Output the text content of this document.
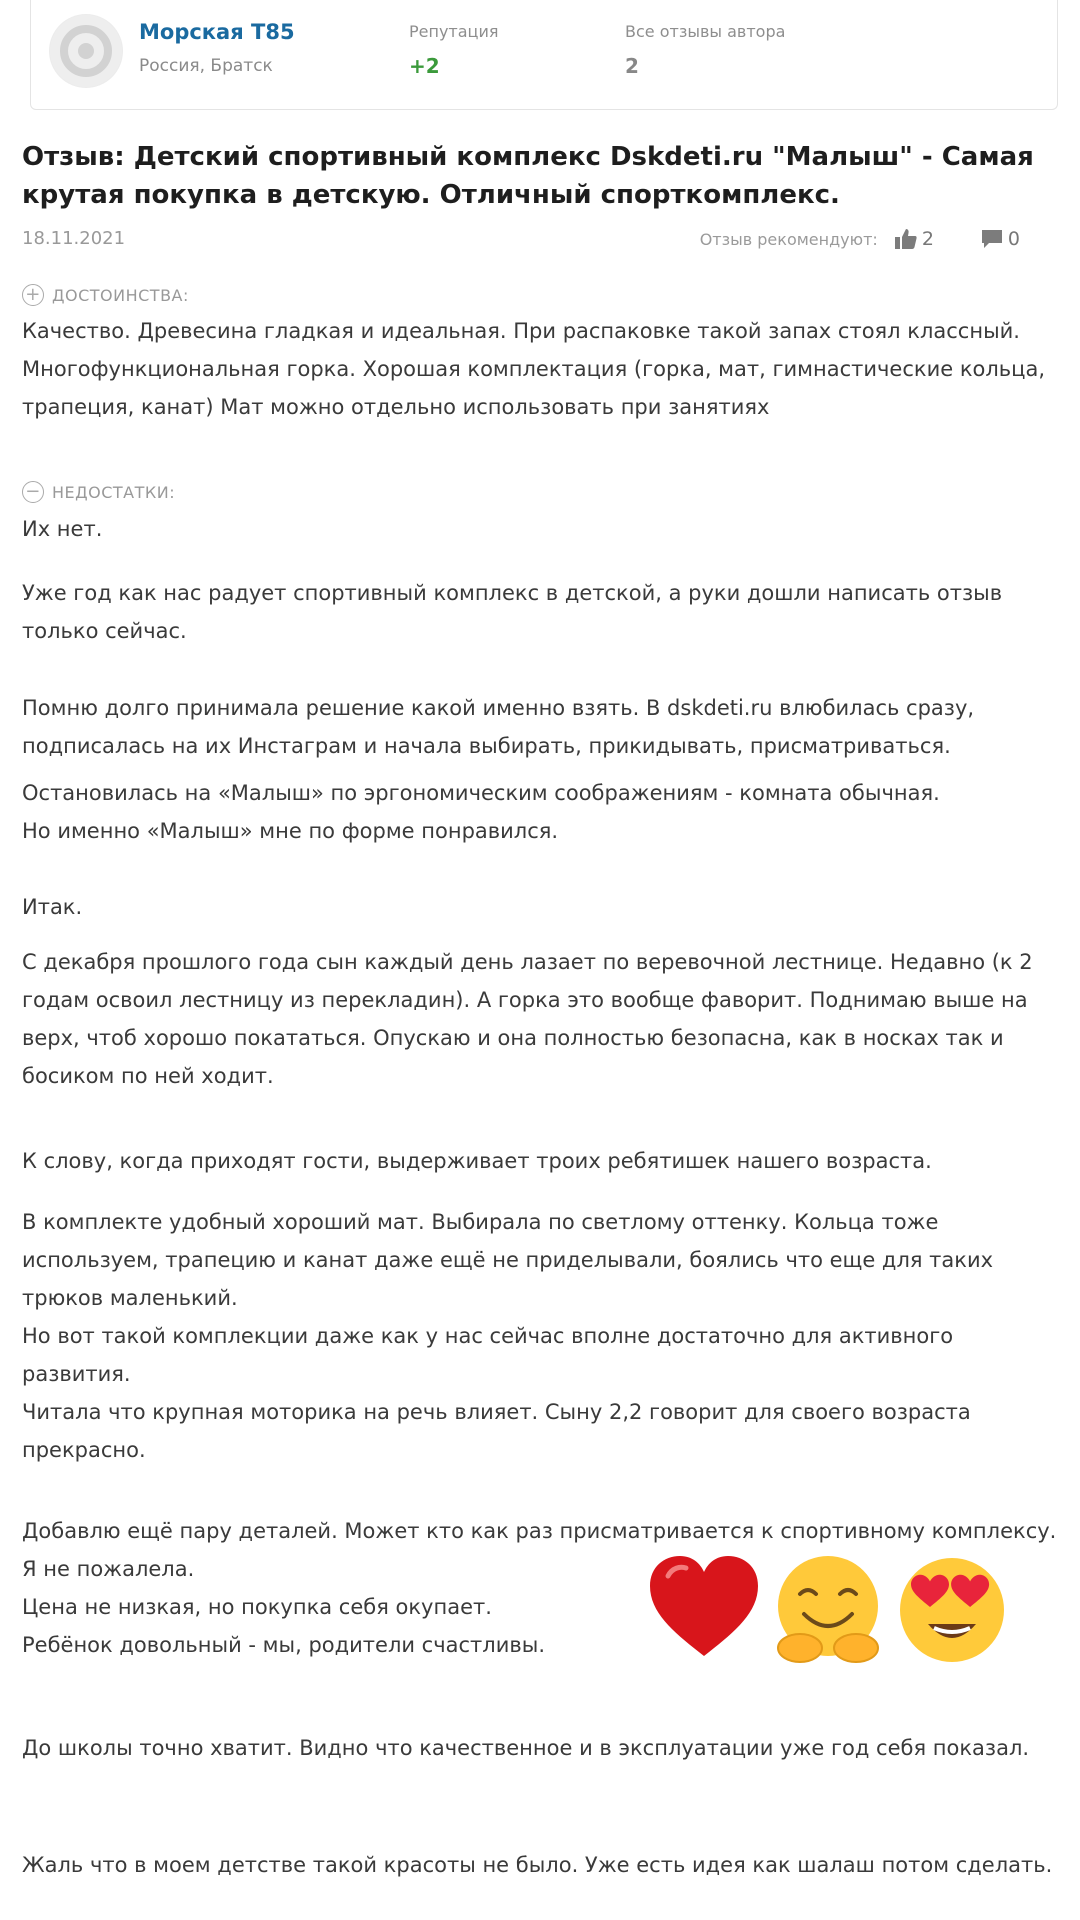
Морская Т85
Россия, Братск
Репутация
+2
Все отзывы автора
2
Отзыв: Детский спортивный комплекс Dskdeti.ru "Малыш" - Самая крутая покупка в детскую. Отличный спорткомплекс.
18.11.2021	Отзыв рекомендуют: 2	0
+ ДОСТОИНСТВА:
Качество. Древесина гладкая и идеальная. При распаковке такой запах стоял классный. Многофункциональная горка. Хорошая комплектация (горка, мат, гимнастические кольца, трапеция, канат) Мат можно отдельно использовать при занятиях
− НЕДОСТАТКИ:
Их нет.
Уже год как нас радует спортивный комплекс в детской, а руки дошли написать отзыв только сейчас.
Помню долго принимала решение какой именно взять. В dskdeti.ru влюбилась сразу, подписалась на их Инстаграм и начала выбирать, прикидывать, присматриваться.
Остановилась на «Малыш» по эргономическим соображениям - комната обычная.
Но именно «Малыш» мне по форме понравился.
Итак.
С декабря прошлого года сын каждый день лазает по веревочной лестнице. Недавно (к 2 годам освоил лестницу из перекладин). А горка это вообще фаворит. Поднимаю выше на верх, чтоб хорошо покататься. Опускаю и она полностью безопасна, как в носках так и босиком по ней ходит.
К слову, когда приходят гости, выдерживает троих ребятишек нашего возраста.
В комплекте удобный хороший мат. Выбирала по светлому оттенку. Кольца тоже используем, трапецию и канат даже ещё не приделывали, боялись что еще для таких трюков маленький.
Но вот такой комплекции даже как у нас сейчас вполне достаточно для активного развития.
Читала что крупная моторика на речь влияет. Сыну 2,2 говорит для своего возраста прекрасно.
Добавлю ещё пару деталей. Может кто как раз присматривается к спортивному комплексу.
Я не пожалела.
Цена не низкая, но покупка себя окупает.
Ребёнок довольный - мы, родители счастливы.
До школы точно хватит. Видно что качественное и в эксплуатации уже год себя показал.
Жаль что в моем детстве такой красоты не было. Уже есть идея как шалаш потом сделать.
